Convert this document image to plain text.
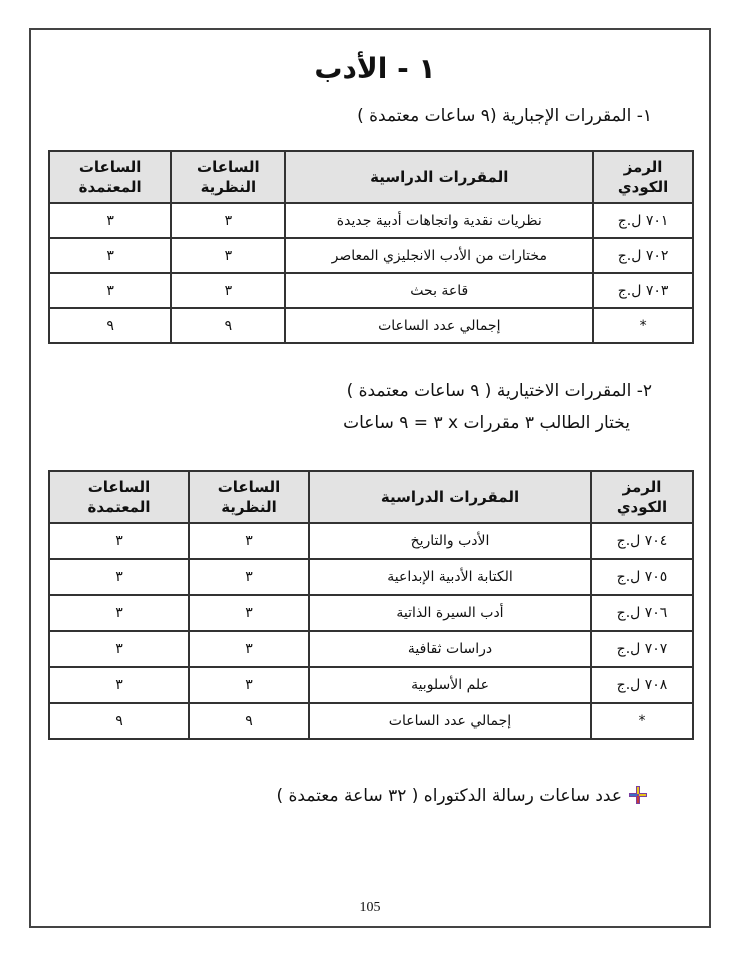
١ - الأدب

١- المقررات الإجبارية (٩ ساعات معتمدة )

الرمز الكودي	المقررات الدراسية	الساعات النظرية	الساعات المعتمدة
٧٠١ ل.ج	نظريات نقدية واتجاهات أدبية جديدة	٣	٣
٧٠٢ ل.ج	مختارات من الأدب الانجليزي المعاصر	٣	٣
٧٠٣ ل.ج	قاعة بحث	٣	٣
*	إجمالي عدد الساعات	٩	٩

٢- المقررات الاختيارية ( ٩ ساعات معتمدة )

يختار الطالب ٣ مقررات x ٣ = ٩ ساعات

الرمز الكودي	المقررات الدراسية	الساعات النظرية	الساعات المعتمدة
٧٠٤ ل.ج	الأدب والتاريخ	٣	٣
٧٠٥ ل.ج	الكتابة الأدبية الإبداعية	٣	٣
٧٠٦ ل.ج	أدب السيرة الذاتية	٣	٣
٧٠٧ ل.ج	دراسات ثقافية	٣	٣
٧٠٨ ل.ج	علم الأسلوبية	٣	٣
*	إجمالي عدد الساعات	٩	٩

عدد ساعات رسالة الدكتوراه ( ٣٢ ساعة معتمدة )

105
